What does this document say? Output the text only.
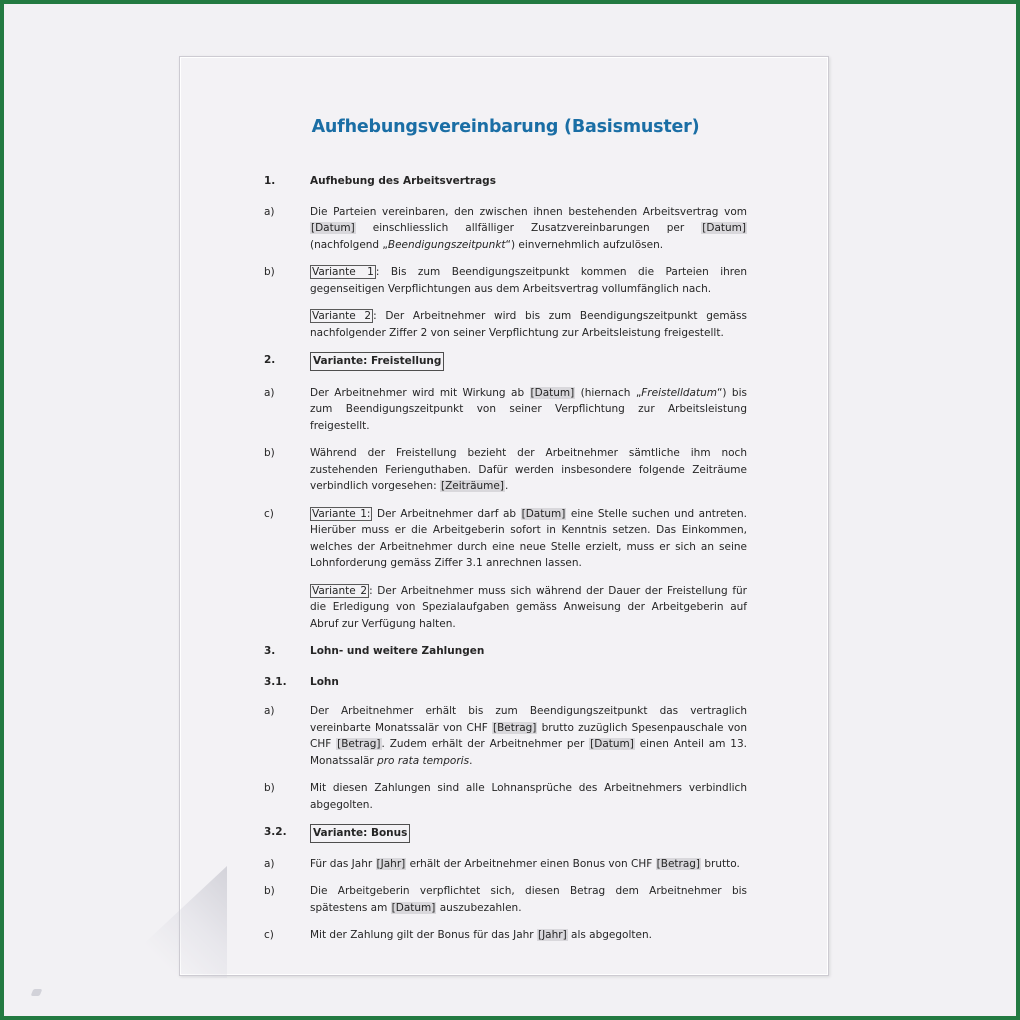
Aufhebungsvereinbarung (Basismuster)
1.	Aufhebung des Arbeitsvertrags
a)	Die Parteien vereinbaren, den zwischen ihnen bestehenden Arbeitsvertrag vom [Datum] einschliesslich allfälliger Zusatzvereinbarungen per [Datum] (nachfolgend „Beendigungszeitpunkt“) einvernehmlich aufzulösen.

b)	Variante 1 : Bis zum Beendigungszeitpunkt kommen die Parteien ihren gegenseitigen Verpflichtungen aus dem Arbeitsvertrag vollumfänglich nach.

Variante 2 : Der Arbeitnehmer wird bis zum Beendigungszeitpunkt gemäss nachfolgender Ziffer 2 von seiner Verpflichtung zur Arbeitsleistung freigestellt.

2.	Variante: Freistellung
a)	Der Arbeitnehmer wird mit Wirkung ab [Datum] (hiernach „Freistelldatum“) bis zum Beendigungszeitpunkt von seiner Verpflichtung zur Arbeitsleistung freigestellt.

b)	Während der Freistellung bezieht der Arbeitnehmer sämtliche ihm noch zustehenden Ferienguthaben. Dafür werden insbesondere folgende Zeiträume verbindlich vorgesehen: [Zeiträume].

c)	Variante 1: Der Arbeitnehmer darf ab [Datum] eine Stelle suchen und antreten. Hierüber muss er die Arbeitgeberin sofort in Kenntnis setzen. Das Einkommen, welches der Arbeitnehmer durch eine neue Stelle erzielt, muss er sich an seine Lohnforderung gemäss Ziffer 3.1 anrechnen lassen.

Variante 2 : Der Arbeitnehmer muss sich während der Dauer der Freistellung für die Erledigung von Spezialaufgaben gemäss Anweisung der Arbeitgeberin auf Abruf zur Verfügung halten.

3.	Lohn- und weitere Zahlungen
3.1.	Lohn
a)	Der Arbeitnehmer erhält bis zum Beendigungszeitpunkt das vertraglich vereinbarte Monatssalär von CHF [Betrag] brutto zuzüglich Spesenpauschale von CHF [Betrag]. Zudem erhält der Arbeitnehmer per [Datum] einen Anteil am 13. Monatssalär pro rata temporis.

b)	Mit diesen Zahlungen sind alle Lohnansprüche des Arbeitnehmers verbindlich abgegolten.

3.2.	Variante: Bonus
a)	Für das Jahr [Jahr] erhält der Arbeitnehmer einen Bonus von CHF [Betrag] brutto.

b)	Die Arbeitgeberin verpflichtet sich, diesen Betrag dem Arbeitnehmer bis spätestens am [Datum] auszubezahlen.

c)	Mit der Zahlung gilt der Bonus für das Jahr [Jahr] als abgegolten.
